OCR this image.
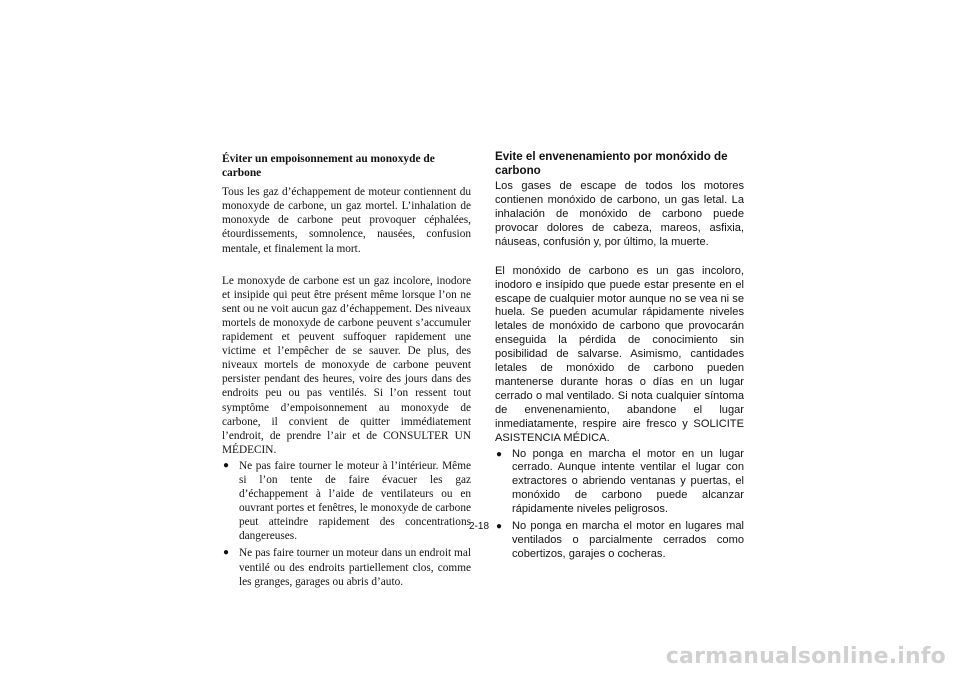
Éviter un empoisonnement au monoxyde de carbone

Tous les gaz d’échappement de moteur contiennent du monoxyde de carbone, un gaz mortel. L’inhalation de monoxyde de carbone peut provoquer céphalées, étourdissements, somnolence, nausées, confusion mentale, et finalement la mort.

Le monoxyde de carbone est un gaz incolore, inodore et insipide qui peut être présent même lorsque l’on ne sent ou ne voit aucun gaz d’échappement. Des niveaux mortels de monoxyde de carbone peuvent s’accumuler rapidement et peuvent suffoquer rapidement une victime et l’empêcher de se sauver. De plus, des niveaux mortels de monoxyde de carbone peuvent persister pendant des heures, voire des jours dans des endroits peu ou pas ventilés. Si l’on ressent tout symptôme d’empoisonnement au monoxyde de carbone, il convient de quitter immédiatement l’endroit, de prendre l’air et de CONSULTER UN MÉDECIN.

● Ne pas faire tourner le moteur à l’intérieur. Même si l’on tente de faire évacuer les gaz d’échappement à l’aide de ventilateurs ou en ouvrant portes et fenêtres, le monoxyde de carbone peut atteindre rapidement des concentrations dangereuses.
● Ne pas faire tourner un moteur dans un endroit mal ventilé ou des endroits partiellement clos, comme les granges, garages ou abris d’auto.
Evite el envenenamiento por monóxido de carbono

Los gases de escape de todos los motores contienen monóxido de carbono, un gas letal. La inhalación de monóxido de carbono puede provocar dolores de cabeza, mareos, asfixia, náuseas, confusión y, por último, la muerte.

El monóxido de carbono es un gas incoloro, inodoro e insípido que puede estar presente en el escape de cualquier motor aunque no se vea ni se huela. Se pueden acumular rápidamente niveles letales de monóxido de carbono que provocarán enseguida la pérdida de conocimiento sin posibilidad de salvarse. Asimismo, cantidades letales de monóxido de carbono pueden mantenerse durante horas o días en un lugar cerrado o mal ventilado. Si nota cualquier síntoma de envenenamiento, abandone el lugar inmediatamente, respire aire fresco y SOLICITE ASISTENCIA MÉDICA.

● No ponga en marcha el motor en un lugar cerrado. Aunque intente ventilar el lugar con extractores o abriendo ventanas y puertas, el monóxido de carbono puede alcanzar rápidamente niveles peligrosos.
● No ponga en marcha el motor en lugares mal ventilados o parcialmente cerrados como cobertizos, garajes o cocheras.
2-18
carmanualsonline.info
